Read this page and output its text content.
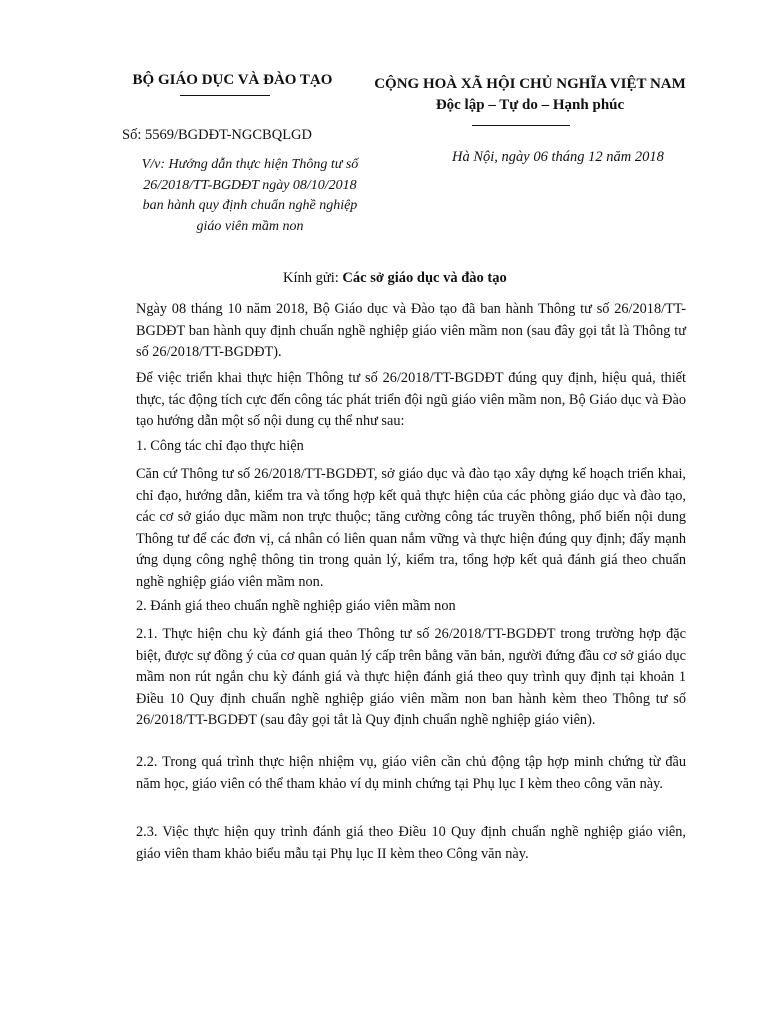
BỘ GIÁO DỤC VÀ ĐÀO TẠO	CỘNG HOÀ XÃ HỘI CHỦ NGHĨA VIỆT NAM
Độc lập – Tự do – Hạnh phúc
Số: 5569/BGDĐT-NGCBQLGD
Hà Nội, ngày 06 tháng 12 năm 2018
V/v: Hướng dẫn thực hiện Thông tư số 26/2018/TT-BGDĐT ngày 08/10/2018 ban hành quy định chuẩn nghề nghiệp giáo viên mầm non
Kính gửi: Các sở giáo dục và đào tạo
Ngày 08 tháng 10 năm 2018, Bộ Giáo dục và Đào tạo đã ban hành Thông tư số 26/2018/TT-BGDĐT ban hành quy định chuẩn nghề nghiệp giáo viên mầm non (sau đây gọi tắt là Thông tư số 26/2018/TT-BGDĐT).
Để việc triển khai thực hiện Thông tư số 26/2018/TT-BGDĐT đúng quy định, hiệu quả, thiết thực, tác động tích cực đến công tác phát triển đội ngũ giáo viên mầm non, Bộ Giáo dục và Đào tạo hướng dẫn một số nội dung cụ thể như sau:
1. Công tác chỉ đạo thực hiện
Căn cứ Thông tư số 26/2018/TT-BGDĐT, sở giáo dục và đào tạo xây dựng kế hoạch triển khai, chỉ đạo, hướng dẫn, kiểm tra và tổng hợp kết quả thực hiện của các phòng giáo dục và đào tạo, các cơ sở giáo dục mầm non trực thuộc; tăng cường công tác truyền thông, phổ biến nội dung Thông tư để các đơn vị, cá nhân có liên quan nắm vững và thực hiện đúng quy định; đẩy mạnh ứng dụng công nghệ thông tin trong quản lý, kiểm tra, tổng hợp kết quả đánh giá theo chuẩn nghề nghiệp giáo viên mầm non.
2. Đánh giá theo chuẩn nghề nghiệp giáo viên mầm non
2.1. Thực hiện chu kỳ đánh giá theo Thông tư số 26/2018/TT-BGDĐT trong trường hợp đặc biệt, được sự đồng ý của cơ quan quản lý cấp trên bằng văn bản, người đứng đầu cơ sở giáo dục mầm non rút ngắn chu kỳ đánh giá và thực hiện đánh giá theo quy trình quy định tại khoản 1 Điều 10 Quy định chuẩn nghề nghiệp giáo viên mầm non ban hành kèm theo Thông tư số 26/2018/TT-BGDĐT (sau đây gọi tắt là Quy định chuẩn nghề nghiệp giáo viên).
2.2. Trong quá trình thực hiện nhiệm vụ, giáo viên cần chủ động tập hợp minh chứng từ đầu năm học, giáo viên có thể tham khảo ví dụ minh chứng tại Phụ lục I kèm theo công văn này.
2.3. Việc thực hiện quy trình đánh giá theo Điều 10 Quy định chuẩn nghề nghiệp giáo viên, giáo viên tham khảo biểu mẫu tại Phụ lục II kèm theo Công văn này.
